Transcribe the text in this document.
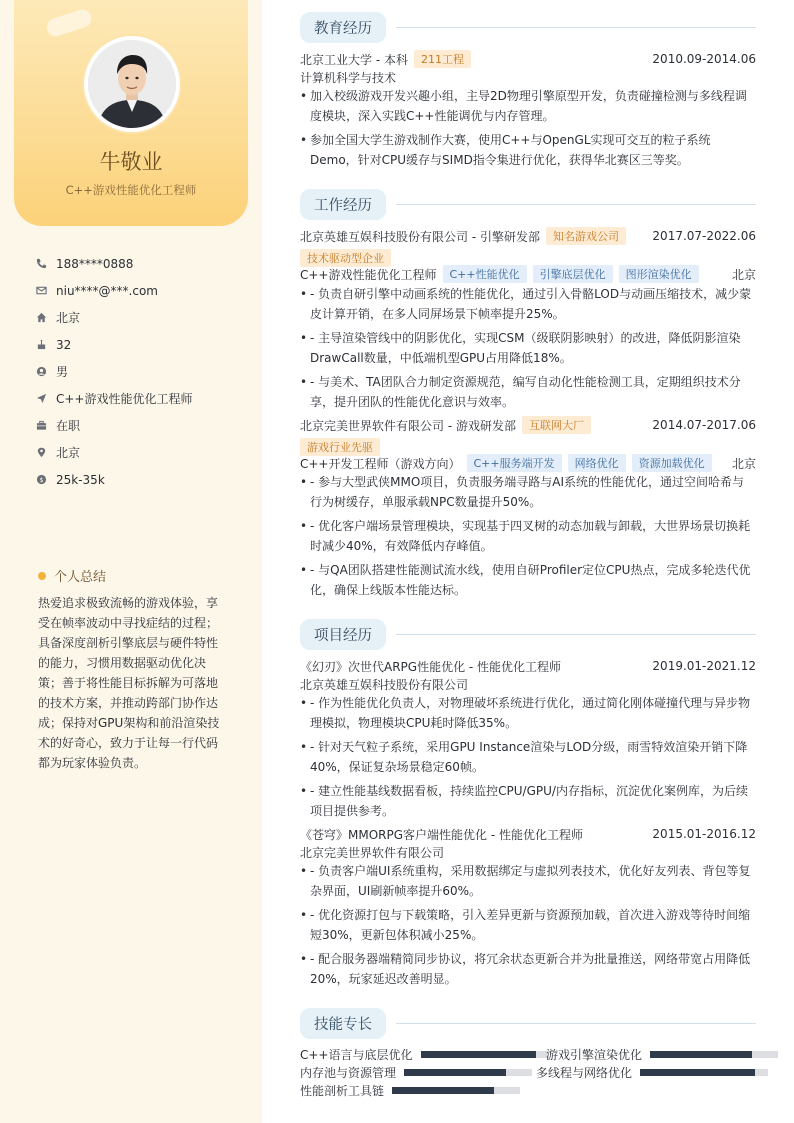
牛敬业
C++游戏性能优化工程师
188****0888
niu****@***.com
北京
32
男
C++游戏性能优化工程师
在职
北京
$ 25k-35k
个人总结
热爱追求极致流畅的游戏体验，享受在帧率波动中寻找症结的过程；具备深度剖析引擎底层与硬件特性的能力，习惯用数据驱动优化决策；善于将性能目标拆解为可落地的技术方案，并推动跨部门协作达成；保持对GPU架构和前沿渲染技术的好奇心，致力于让每一行代码都为玩家体验负责。
教育经历
北京工业大学 - 本科	211工程	2010.09-2014.06
计算机科学与技术
• 加入校级游戏开发兴趣小组，主导2D物理引擎原型开发，负责碰撞检测与多线程调度模块，深入实践C++性能调优与内存管理。
• 参加全国大学生游戏制作大赛，使用C++与OpenGL实现可交互的粒子系统Demo，针对CPU缓存与SIMD指令集进行优化，获得华北赛区三等奖。
工作经历
北京英雄互娱科技股份有限公司 - 引擎研发部	知名游戏公司	2017.07-2022.06
技术驱动型企业
C++游戏性能优化工程师	C++性能优化	引擎底层优化	图形渲染优化	北京
• - 负责自研引擎中动画系统的性能优化，通过引入骨骼LOD与动画压缩技术，减少蒙皮计算开销，在多人同屏场景下帧率提升25%。
• - 主导渲染管线中的阴影优化，实现CSM（级联阴影映射）的改进，降低阴影渲染DrawCall数量，中低端机型GPU占用降低18%。
• - 与美术、TA团队合力制定资源规范，编写自动化性能检测工具，定期组织技术分享，提升团队的性能优化意识与效率。
北京完美世界软件有限公司 - 游戏研发部	互联网大厂	2014.07-2017.06
游戏行业先驱
C++开发工程师（游戏方向）	C++服务端开发	网络优化	资源加载优化	北京
• - 参与大型武侠MMO项目，负责服务端寻路与AI系统的性能优化，通过空间哈希与行为树缓存，单服承载NPC数量提升50%。
• - 优化客户端场景管理模块，实现基于四叉树的动态加载与卸载，大世界场景切换耗时减少40%，有效降低内存峰值。
• - 与QA团队搭建性能测试流水线，使用自研Profiler定位CPU热点，完成多轮迭代优化，确保上线版本性能达标。
项目经历
《幻刃》次世代ARPG性能优化 - 性能优化工程师	2019.01-2021.12
北京英雄互娱科技股份有限公司
• - 作为性能优化负责人，对物理破坏系统进行优化，通过简化刚体碰撞代理与异步物理模拟，物理模块CPU耗时降低35%。
• - 针对天气粒子系统，采用GPU Instance渲染与LOD分级，雨雪特效渲染开销下降40%，保证复杂场景稳定60帧。
• - 建立性能基线数据看板，持续监控CPU/GPU/内存指标，沉淀优化案例库，为后续项目提供参考。
《苍穹》MMORPG客户端性能优化 - 性能优化工程师	2015.01-2016.12
北京完美世界软件有限公司
• - 负责客户端UI系统重构，采用数据绑定与虚拟列表技术，优化好友列表、背包等复杂界面，UI刷新帧率提升60%。
• - 优化资源打包与下载策略，引入差异更新与资源预加载，首次进入游戏等待时间缩短30%，更新包体积减小25%。
• - 配合服务器端精简同步协议，将冗余状态更新合并为批量推送，网络带宽占用降低20%，玩家延迟改善明显。
技能专长
C++语言与底层优化	游戏引擎渲染优化
内存池与资源管理	多线程与网络优化
性能剖析工具链
